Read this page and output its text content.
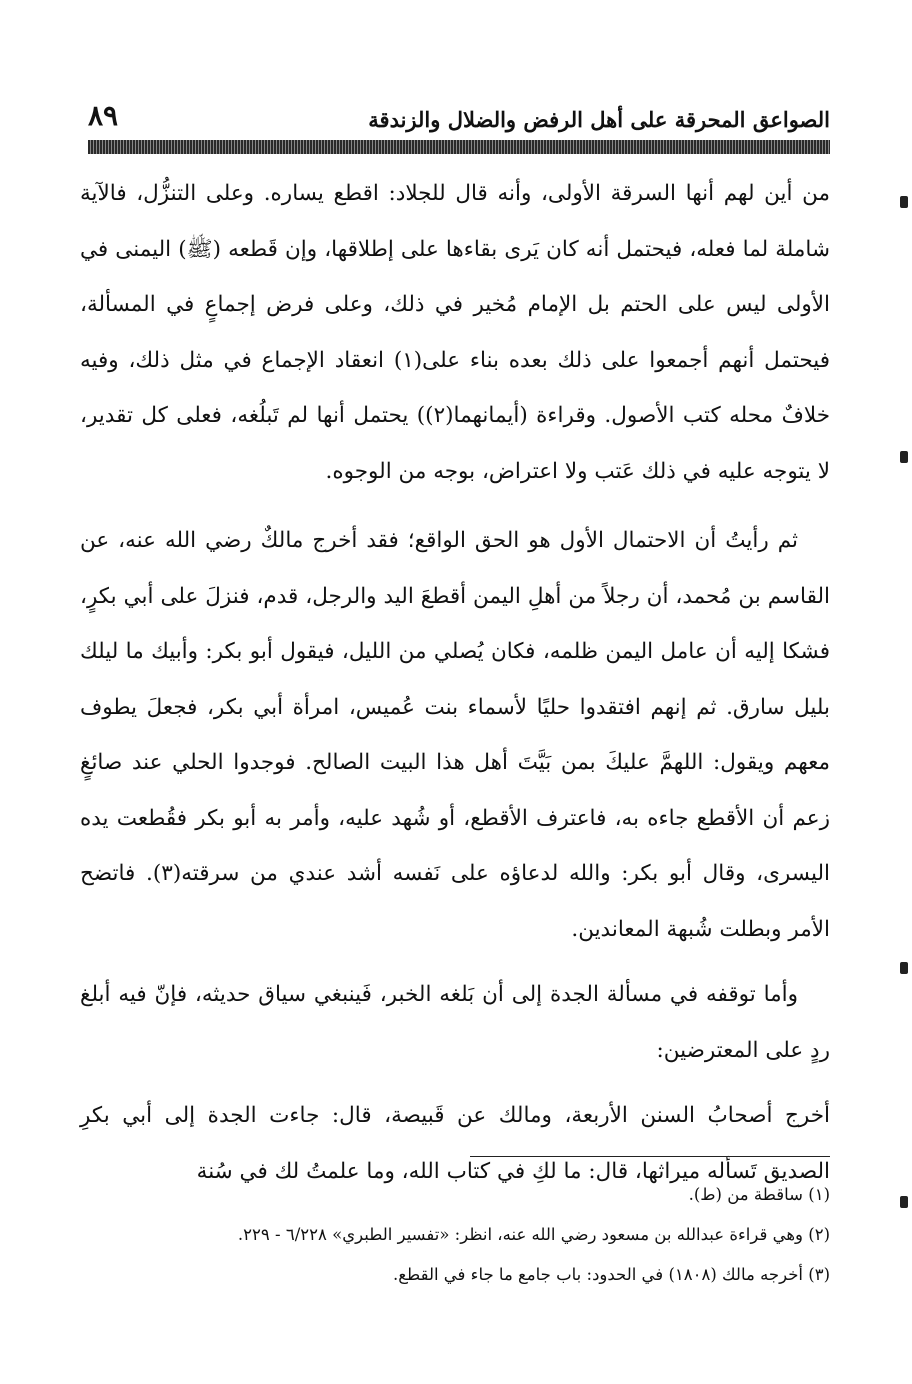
الصواعق المحرقة على أهل الرفض والضلال والزندقة
٨٩

من أين لهم أنها السرقة الأولى، وأنه قال للجلاد: اقطع يساره. وعلى التنزُّل، فالآية شاملة لما فعله، فيحتمل أنه كان يَرى بقاءها على إطلاقها، وإن قَطعه (ﷺ) اليمنى في الأولى ليس على الحتم بل الإمام مُخير في ذلك، وعلى فرض إجماعٍ في المسألة، فيحتمل أنهم أجمعوا على ذلك بعده بناء على(١) انعقاد الإجماع في مثل ذلك، وفيه خلافٌ محله كتب الأصول. وقراءة (أيمانهما(٢)) يحتمل أنها لم تَبلُغه، فعلى كل تقدير، لا يتوجه عليه في ذلك عَتب ولا اعتراض، بوجه من الوجوه.

ثم رأيتُ أن الاحتمال الأول هو الحق الواقع؛ فقد أخرج مالكٌ رضي الله عنه، عن القاسم بن مُحمد، أن رجلاً من أهلِ اليمن أقطعَ اليد والرجل، قدم، فنزلَ على أبي بكرٍ، فشكا إليه أن عامل اليمن ظلمه، فكان يُصلي من الليل، فيقول أبو بكر: وأبيك ما ليلك بليل سارق. ثم إنهم افتقدوا حليًا لأسماء بنت عُميس، امرأة أبي بكر، فجعلَ يطوف معهم ويقول: اللهمَّ عليكَ بمن بَيَّتَ أهل هذا البيت الصالح. فوجدوا الحلي عند صائغٍ زعم أن الأقطع جاءه به، فاعترف الأقطع، أو شُهد عليه، وأمر به أبو بكر فقُطعت يده اليسرى، وقال أبو بكر: والله لدعاؤه على نَفسه أشد عندي من سرقته(٣). فاتضح الأمر وبطلت شُبهة المعاندين.

وأما توقفه في مسألة الجدة إلى أن بَلغه الخبر، فَينبغي سياق حديثه، فإنّ فيه أبلغ ردٍ على المعترضين:

أخرج أصحابُ السنن الأربعة، ومالك عن قَبيصة، قال: جاءت الجدة إلى أبي بكرِ الصديق تَسأله ميراثها، قال: ما لكِ في كتاب الله، وما علمتُ لك في سُنة

(١) ساقطة من (ط).
(٢) وهي قراءة عبدالله بن مسعود رضي الله عنه، انظر: «تفسير الطبري» ٦/٢٢٨ - ٢٢٩.
(٣) أخرجه مالك (١٨٠٨) في الحدود: باب جامع ما جاء في القطع.
